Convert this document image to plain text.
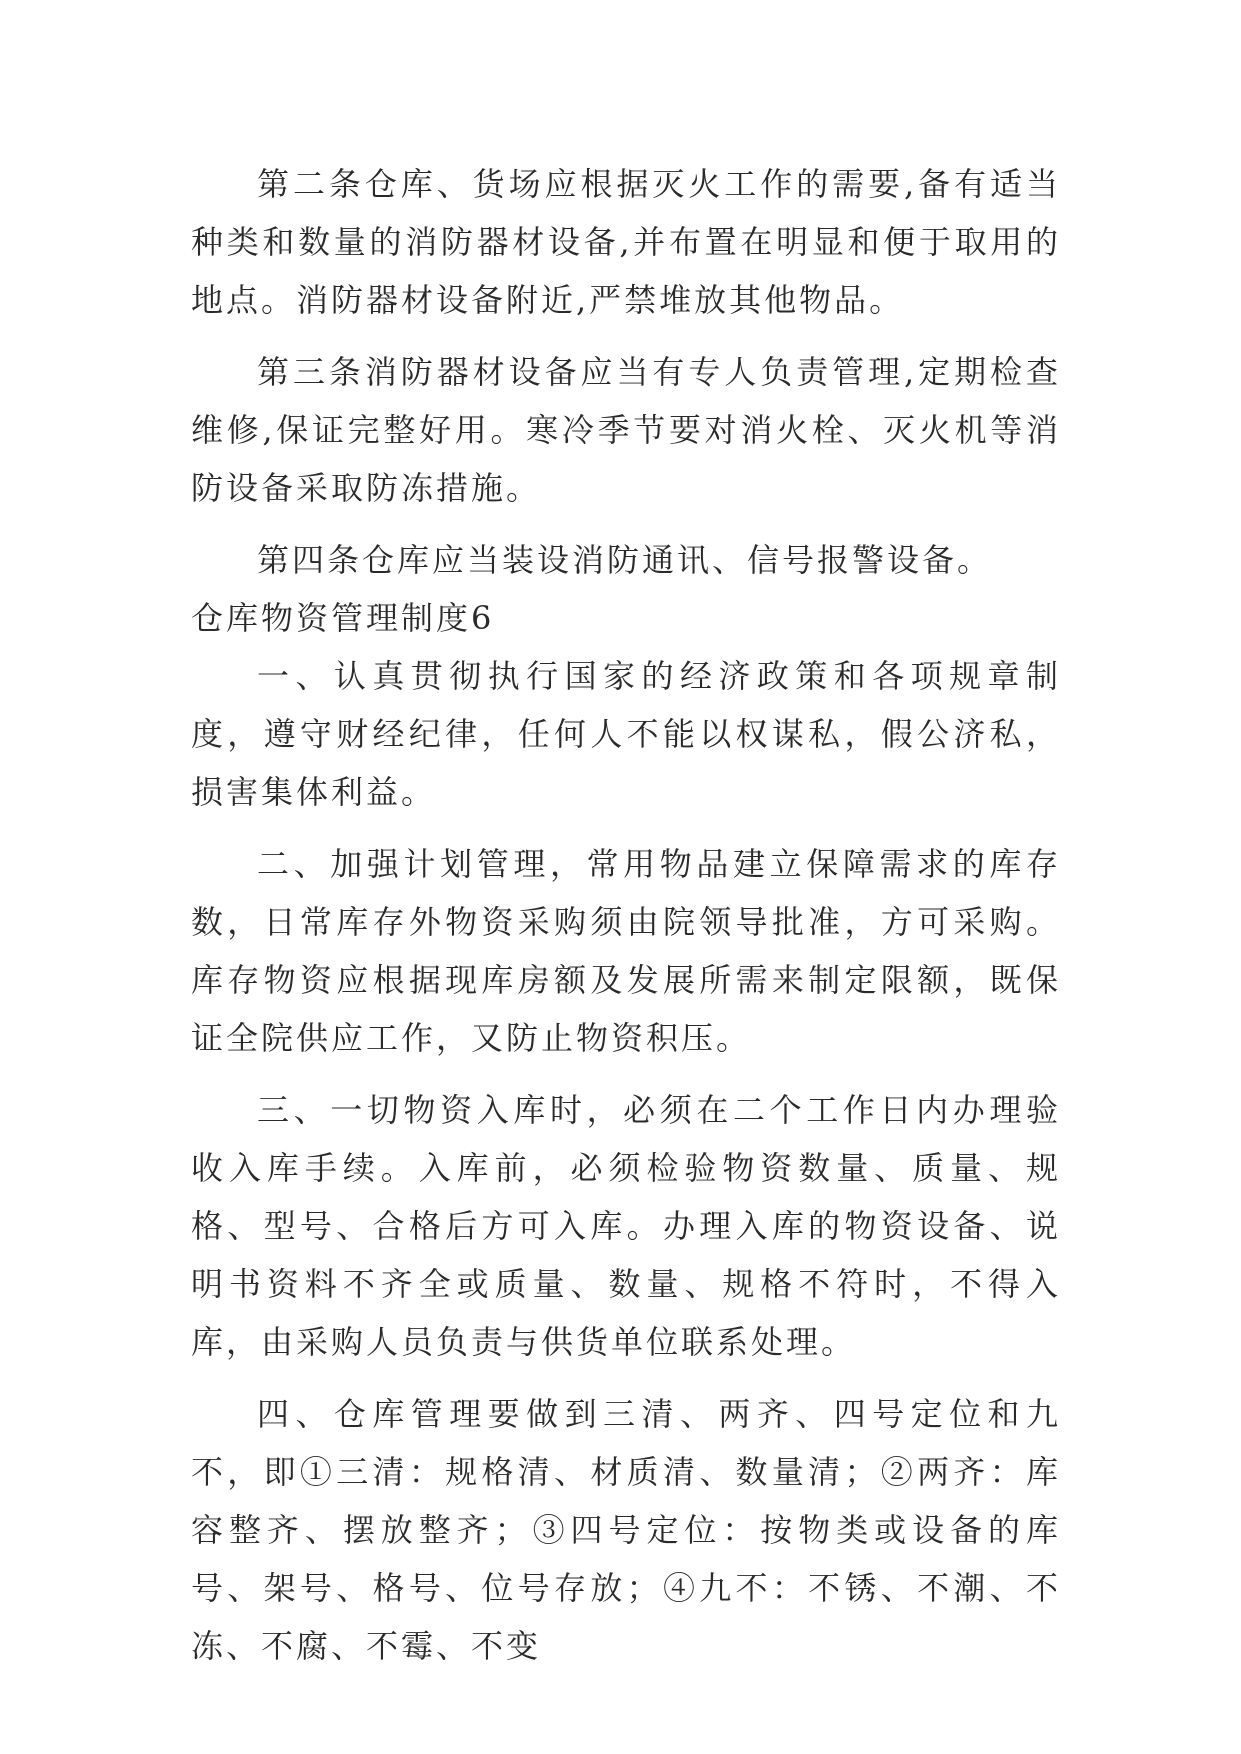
第二条仓库、货场应根据灭火工作的需要,备有适当种类和数量的消防器材设备,并布置在明显和便于取用的地点。消防器材设备附近,严禁堆放其他物品。

第三条消防器材设备应当有专人负责管理,定期检查维修,保证完整好用。寒冷季节要对消火栓、灭火机等消防设备采取防冻措施。

第四条仓库应当装设消防通讯、信号报警设备。

仓库物资管理制度6

一、认真贯彻执行国家的经济政策和各项规章制度，遵守财经纪律，任何人不能以权谋私，假公济私，损害集体利益。

二、加强计划管理，常用物品建立保障需求的库存数，日常库存外物资采购须由院领导批准，方可采购。库存物资应根据现库房额及发展所需来制定限额，既保证全院供应工作，又防止物资积压。

三、一切物资入库时，必须在二个工作日内办理验收入库手续。入库前，必须检验物资数量、质量、规格、型号、合格后方可入库。办理入库的物资设备、说明书资料不齐全或质量、数量、规格不符时，不得入库，由采购人员负责与供货单位联系处理。

四、仓库管理要做到三清、两齐、四号定位和九不，即①三清：规格清、材质清、数量清；②两齐：库容整齐、摆放整齐；③四号定位：按物类或设备的库号、架号、格号、位号存放；④九不：不锈、不潮、不冻、不腐、不霉、不变
